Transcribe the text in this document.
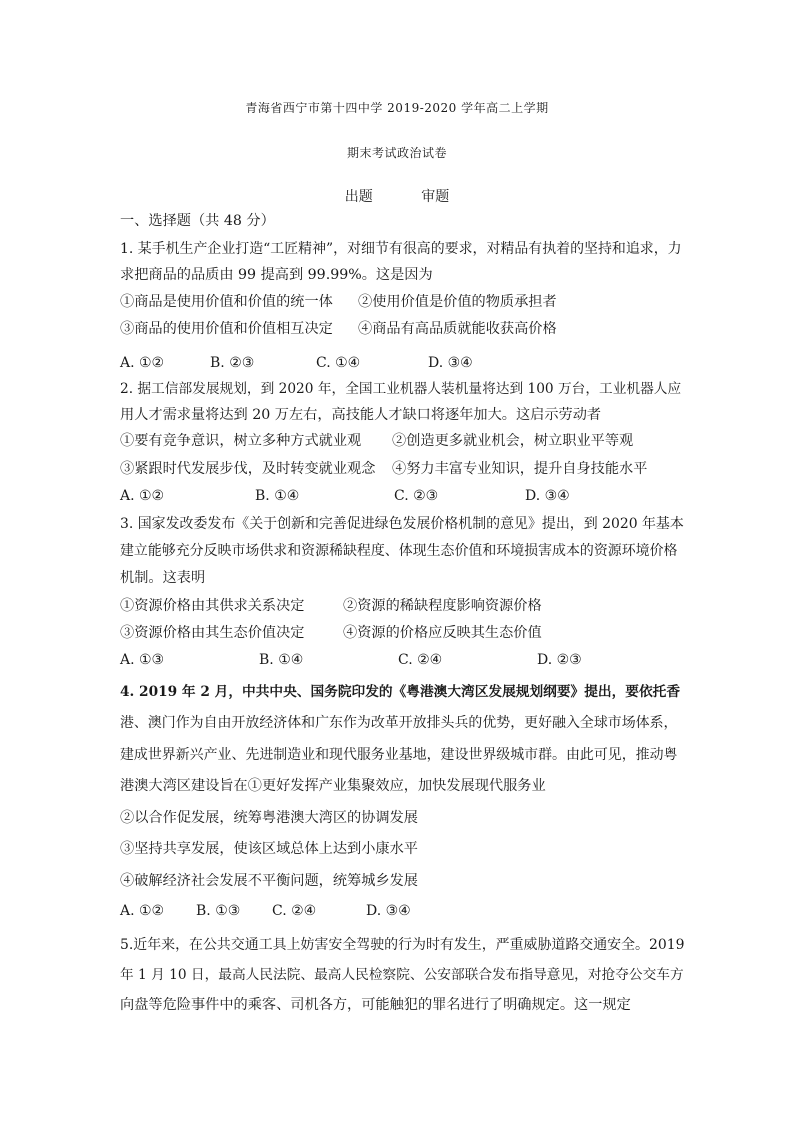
青海省西宁市第十四中学 2019-2020 学年高二上学期
期末考试政治试卷
出题	审题
一、选择题（共 48 分）
1. 某手机生产企业打造“工匠精神”，对细节有很高的要求，对精品有执着的坚持和追求，力
求把商品的品质由 99 提高到 99.99%。这是因为
①商品是使用价值和价值的统一体 ②使用价值是价值的物质承担者
③商品的使用价值和价值相互决定 ④商品有高品质就能收获高价格
A. ①②	B. ②③	C. ①④	D. ③④
2. 据工信部发展规划，到 2020 年，全国工业机器人装机量将达到 100 万台，工业机器人应
用人才需求量将达到 20 万左右，高技能人才缺口将逐年加大。这启示劳动者
①要有竞争意识，树立多种方式就业观 ②创造更多就业机会，树立职业平等观
③紧跟时代发展步伐，及时转变就业观念 ④努力丰富专业知识，提升自身技能水平
A. ①②	B. ①④	C. ②③	D. ③④
3. 国家发改委发布《关于创新和完善促进绿色发展价格机制的意见》提出，到 2020 年基本
建立能够充分反映市场供求和资源稀缺程度、体现生态价值和环境损害成本的资源环境价格
机制。这表明
①资源价格由其供求关系决定	②资源的稀缺程度影响资源价格
③资源价格由其生态价值决定	④资源的价格应反映其生态价值
A. ①③	B. ①④	C. ②④	D. ②③
4. 2019 年 2 月，中共中央、国务院印发的《粤港澳大湾区发展规划纲要》提出，要依托香
港、澳门作为自由开放经济体和广东作为改革开放排头兵的优势，更好融入全球市场体系，
建成世界新兴产业、先进制造业和现代服务业基地，建设世界级城市群。由此可见，推动粤
港澳大湾区建设旨在①更好发挥产业集聚效应，加快发展现代服务业
②以合作促发展，统筹粤港澳大湾区的协调发展
③坚持共享发展，使该区域总体上达到小康水平
④破解经济社会发展不平衡问题，统筹城乡发展
A. ①② B. ①③ C. ②④	D. ③④
5.近年来，在公共交通工具上妨害安全驾驶的行为时有发生，严重威胁道路交通安全。2019
年 1 月 10 日，最高人民法院、最高人民检察院、公安部联合发布指导意见，对抢夺公交车方
向盘等危险事件中的乘客、司机各方，可能触犯的罪名进行了明确规定。这一规定
